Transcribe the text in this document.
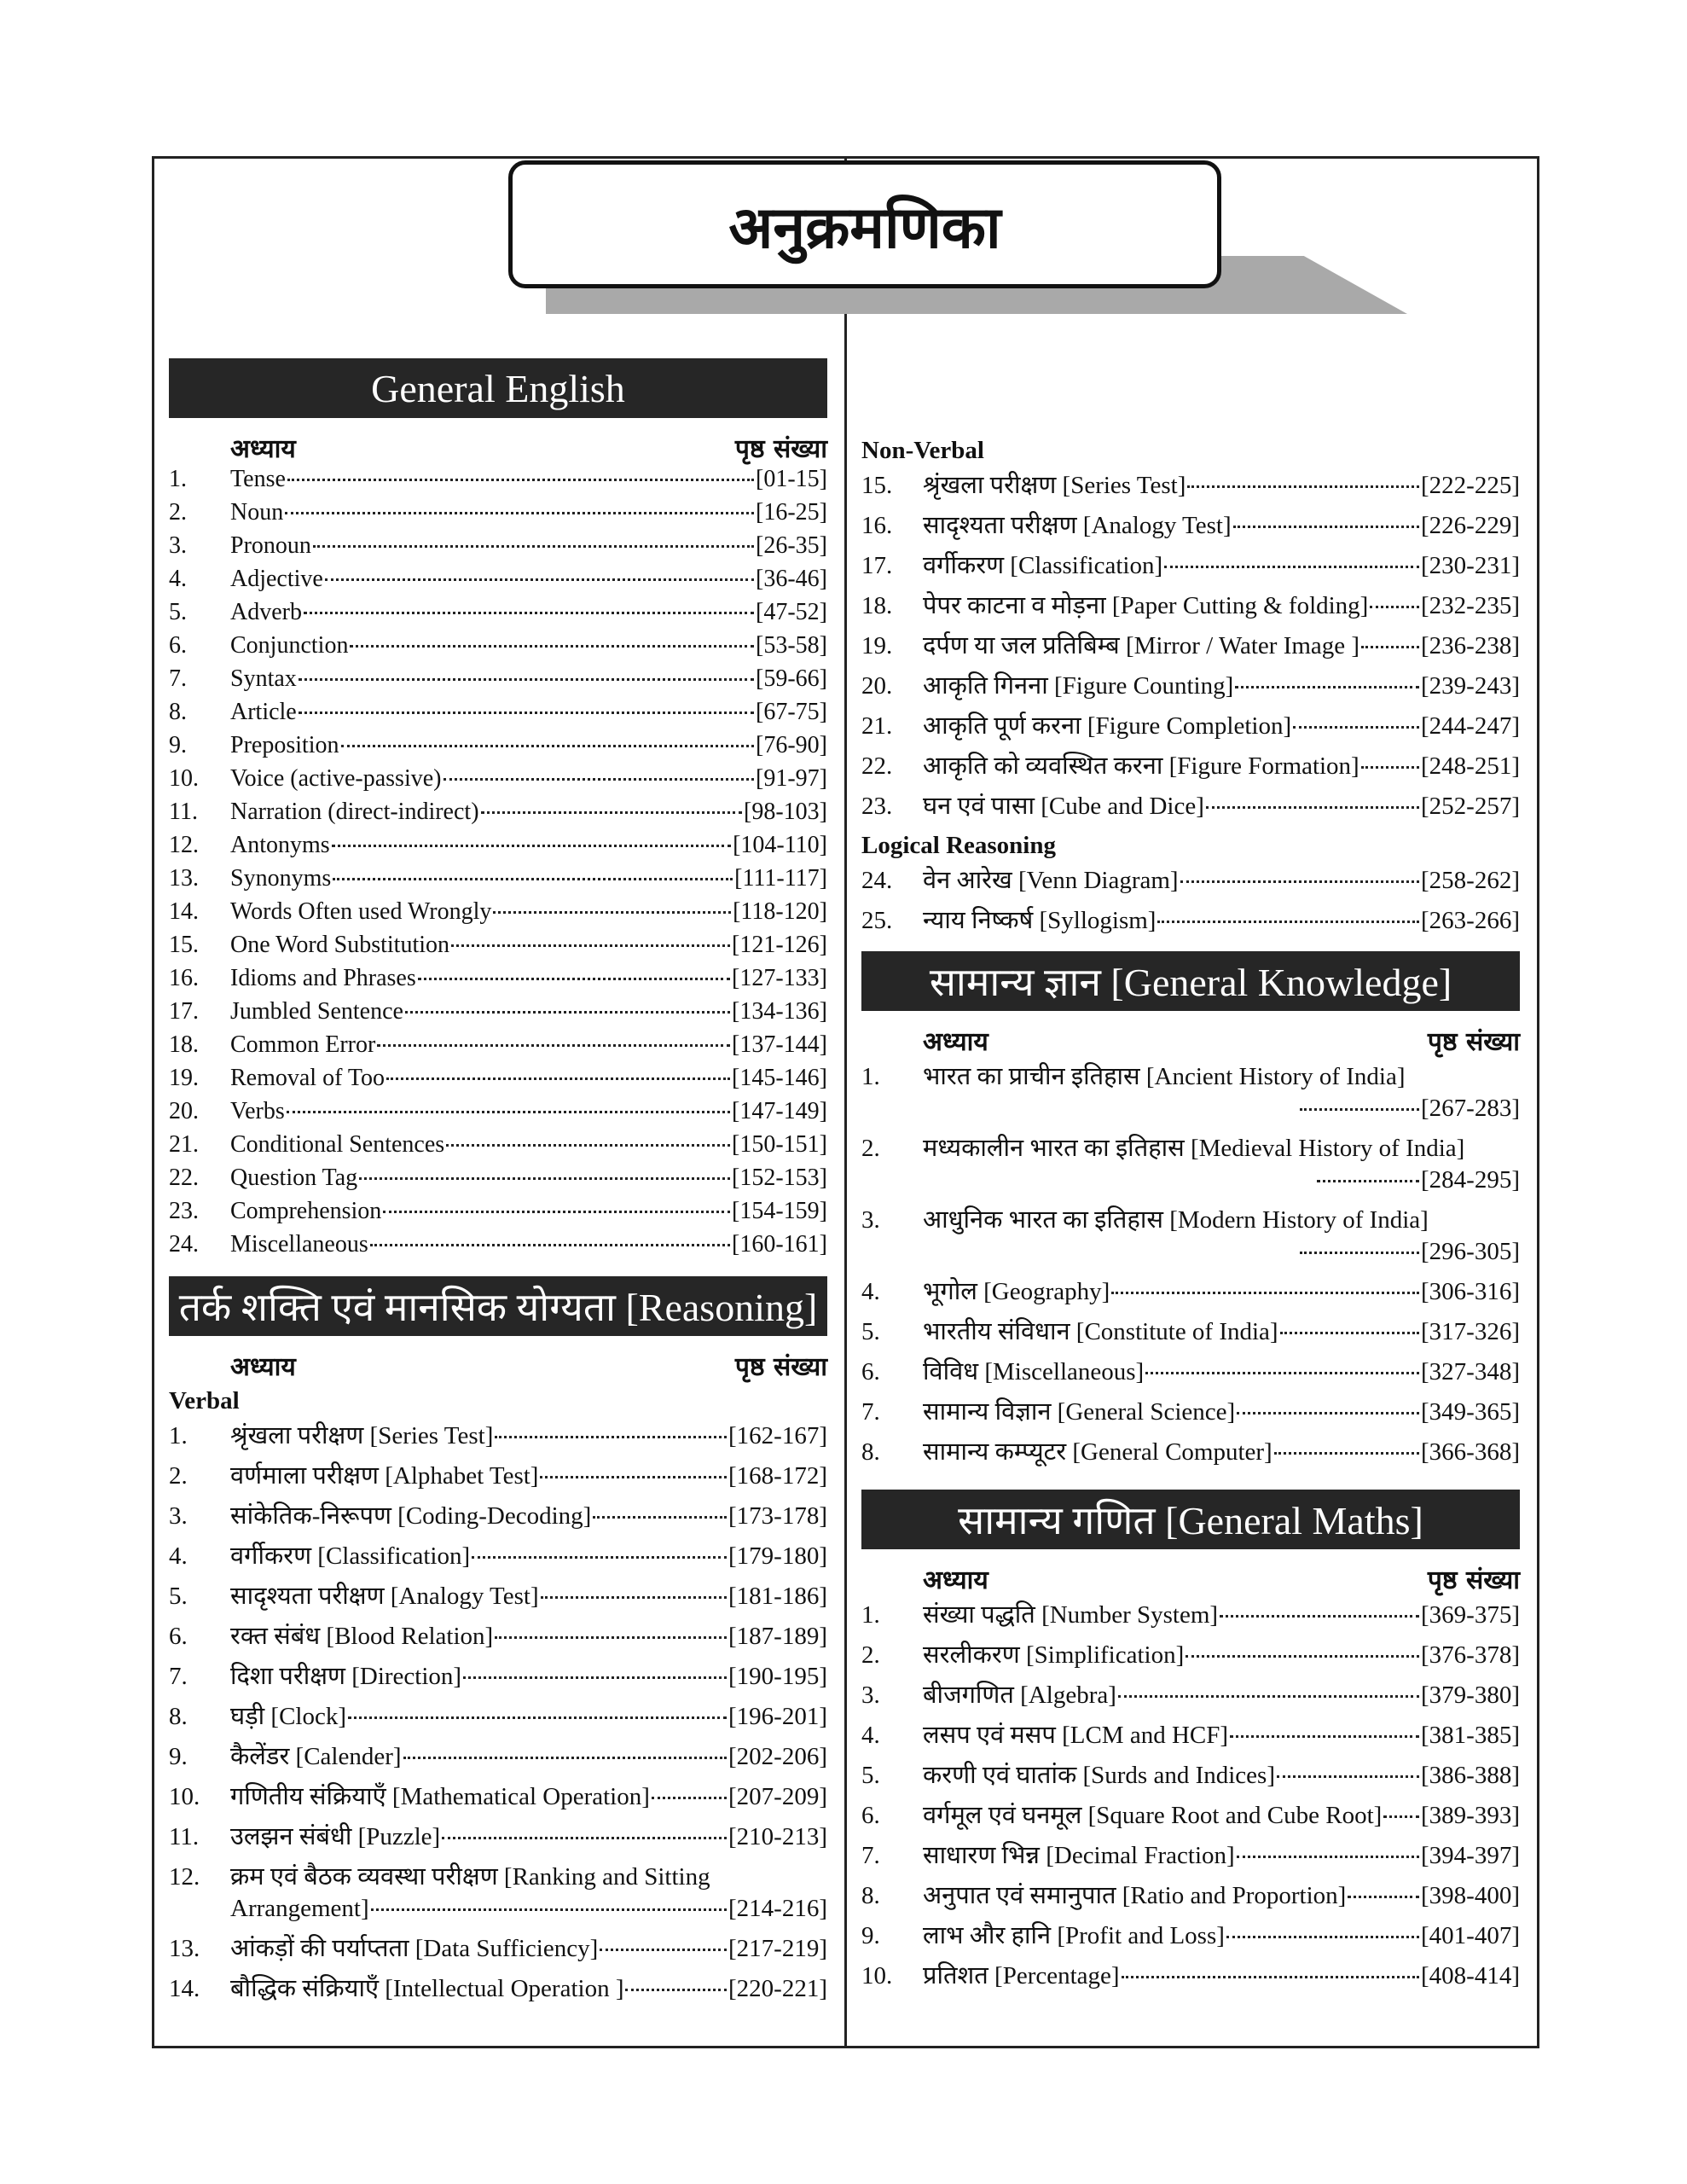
अनुक्रमणिका
General English
अध्याय	पृष्ठ संख्या
1.	Tense	[01-15]
2.	Noun	[16-25]
3.	Pronoun	[26-35]
4.	Adjective	[36-46]
5.	Adverb	[47-52]
6.	Conjunction	[53-58]
7.	Syntax	[59-66]
8.	Article	[67-75]
9.	Preposition	[76-90]
10.	Voice (active-passive)	[91-97]
11.	Narration (direct-indirect)	[98-103]
12.	Antonyms	[104-110]
13.	Synonyms	[111-117]
14.	Words Often used Wrongly	[118-120]
15.	One Word Substitution	[121-126]
16.	Idioms and Phrases	[127-133]
17.	Jumbled Sentence	[134-136]
18.	Common Error	[137-144]
19.	Removal of Too	[145-146]
20.	Verbs	[147-149]
21.	Conditional Sentences	[150-151]
22.	Question Tag	[152-153]
23.	Comprehension	[154-159]
24.	Miscellaneous	[160-161]
तर्क शक्ति एवं मानसिक योग्यता [Reasoning]
अध्याय	पृष्ठ संख्या
Verbal
1.	श्रृंखला परीक्षण [Series Test]	[162-167]
2.	वर्णमाला परीक्षण [Alphabet Test]	[168-172]
3.	सांकेतिक-निरूपण [Coding-Decoding]	[173-178]
4.	वर्गीकरण [Classification]	[179-180]
5.	सादृश्यता परीक्षण [Analogy Test]	[181-186]
6.	रक्त संबंध [Blood Relation]	[187-189]
7.	दिशा परीक्षण [Direction]	[190-195]
8.	घड़ी [Clock]	[196-201]
9.	कैलेंडर [Calender]	[202-206]
10.	गणितीय संक्रियाएँ [Mathematical Operation]	[207-209]
11.	उलझन संबंधी [Puzzle]	[210-213]
12.	क्रम एवं बैठक व्यवस्था परीक्षण [Ranking and Sitting
Arrangement]	[214-216]
13.	आंकड़ों की पर्याप्तता [Data Sufficiency]	[217-219]
14.	बौद्धिक संक्रियाएँ [Intellectual Operation ]	[220-221]
Non-Verbal
15.	श्रृंखला परीक्षण [Series Test]	[222-225]
16.	सादृश्यता परीक्षण [Analogy Test]	[226-229]
17.	वर्गीकरण [Classification]	[230-231]
18.	पेपर काटना व मोड़ना [Paper Cutting & folding] [232-235]
19.	दर्पण या जल प्रतिबिम्ब [Mirror / Water Image ] [236-238]
20.	आकृति गिनना [Figure Counting]	[239-243]
21.	आकृति पूर्ण करना [Figure Completion]	[244-247]
22.	आकृति को व्यवस्थित करना [Figure Formation] [248-251]
23.	घन एवं पासा [Cube and Dice]	[252-257]
Logical Reasoning
24.	वेन आरेख [Venn Diagram]	[258-262]
25.	न्याय निष्कर्ष [Syllogism]	[263-266]
सामान्य ज्ञान [General Knowledge]
अध्याय	पृष्ठ संख्या
1.	भारत का प्राचीन इतिहास [Ancient History of India]
[267-283]
2.	मध्यकालीन भारत का इतिहास [Medieval History of India]
[284-295]
3.	आधुनिक भारत का इतिहास [Modern History of India]
[296-305]
4.	भूगोल [Geography]	[306-316]
5.	भारतीय संविधान [Constitute of India]	[317-326]
6.	विविध [Miscellaneous]	[327-348]
7.	सामान्य विज्ञान [General Science]	[349-365]
8.	सामान्य कम्प्यूटर [General Computer]	[366-368]
सामान्य गणित [General Maths]
अध्याय	पृष्ठ संख्या
1.	संख्या पद्धति [Number System]	[369-375]
2.	सरलीकरण [Simplification]	[376-378]
3.	बीजगणित [Algebra]	[379-380]
4.	लसप एवं मसप [LCM and HCF]	[381-385]
5.	करणी एवं घातांक [Surds and Indices]	[386-388]
6.	वर्गमूल एवं घनमूल [Square Root and Cube Root] [389-393]
7.	साधारण भिन्न [Decimal Fraction]	[394-397]
8.	अनुपात एवं समानुपात [Ratio and Proportion]	[398-400]
9.	लाभ और हानि [Profit and Loss]	[401-407]
10.	प्रतिशत [Percentage]	[408-414]
